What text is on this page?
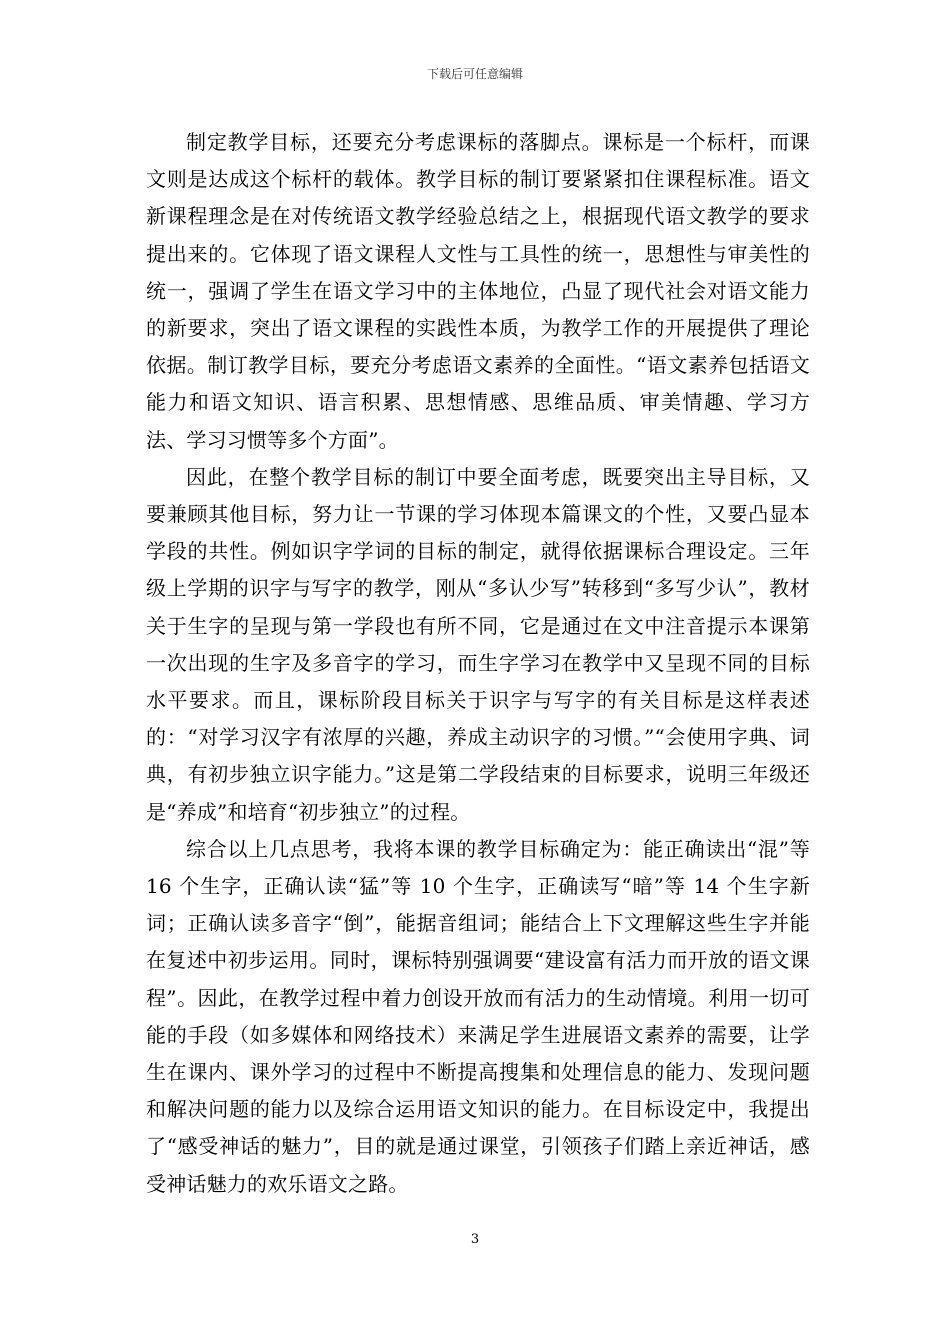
下载后可任意编辑

制定教学目标，还要充分考虑课标的落脚点。课标是一个标杆，而课文则是达成这个标杆的载体。教学目标的制订要紧紧扣住课程标准。语文新课程理念是在对传统语文教学经验总结之上，根据现代语文教学的要求提出来的。它体现了语文课程人文性与工具性的统一，思想性与审美性的统一，强调了学生在语文学习中的主体地位，凸显了现代社会对语文能力的新要求，突出了语文课程的实践性本质，为教学工作的开展提供了理论依据。制订教学目标，要充分考虑语文素养的全面性。“语文素养包括语文能力和语文知识、语言积累、思想情感、思维品质、审美情趣、学习方法、学习习惯等多个方面”。

因此，在整个教学目标的制订中要全面考虑，既要突出主导目标，又要兼顾其他目标，努力让一节课的学习体现本篇课文的个性，又要凸显本学段的共性。例如识字学词的目标的制定，就得依据课标合理设定。三年级上学期的识字与写字的教学，刚从“多认少写”转移到“多写少认”，教材关于生字的呈现与第一学段也有所不同，它是通过在文中注音提示本课第一次出现的生字及多音字的学习，而生字学习在教学中又呈现不同的目标水平要求。而且，课标阶段目标关于识字与写字的有关目标是这样表述的：“对学习汉字有浓厚的兴趣，养成主动识字的习惯。”“会使用字典、词典，有初步独立识字能力。”这是第二学段结束的目标要求，说明三年级还是“养成”和培育“初步独立”的过程。

综合以上几点思考，我将本课的教学目标确定为：能正确读出“混”等 16 个生字，正确认读“猛”等 10 个生字，正确读写“暗”等 14 个生字新词；正确认读多音字“倒”，能据音组词；能结合上下文理解这些生字并能在复述中初步运用。同时，课标特别强调要“建设富有活力而开放的语文课程”。因此，在教学过程中着力创设开放而有活力的生动情境。利用一切可能的手段（如多媒体和网络技术）来满足学生进展语文素养的需要，让学生在课内、课外学习的过程中不断提高搜集和处理信息的能力、发现问题和解决问题的能力以及综合运用语文知识的能力。在目标设定中，我提出了“感受神话的魅力”，目的就是通过课堂，引领孩子们踏上亲近神话，感受神话魅力的欢乐语文之路。

3
